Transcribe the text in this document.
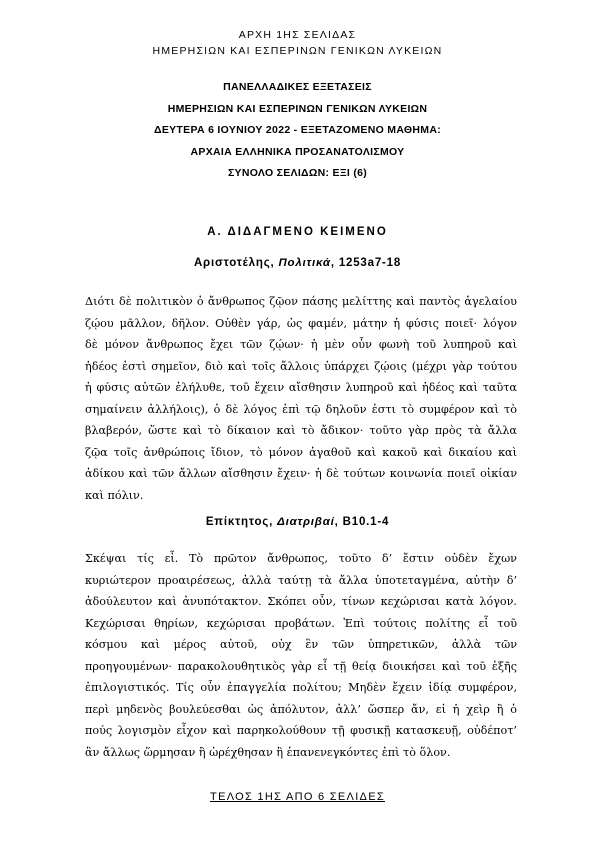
ΑΡΧΗ 1ΗΣ ΣΕΛΙΔΑΣ
ΗΜΕΡΗΣΙΩΝ ΚΑΙ ΕΣΠΕΡΙΝΩΝ ΓΕΝΙΚΩΝ ΛΥΚΕΙΩΝ
ΠΑΝΕΛΛΑΔΙΚΕΣ ΕΞΕΤΑΣΕΙΣ
ΗΜΕΡΗΣΙΩΝ ΚΑΙ ΕΣΠΕΡΙΝΩΝ ΓΕΝΙΚΩΝ ΛΥΚΕΙΩΝ
ΔΕΥΤΕΡΑ 6 ΙΟΥΝΙΟΥ 2022 - ΕΞΕΤΑΖΟΜΕΝΟ ΜΑΘΗΜΑ:
ΑΡΧΑΙΑ ΕΛΛΗΝΙΚΑ ΠΡΟΣΑΝΑΤΟΛΙΣΜΟΥ
ΣΥΝΟΛΟ ΣΕΛΙΔΩΝ: ΕΞΙ (6)
Α. ΔΙΔΑΓΜΕΝΟ ΚΕΙΜΕΝΟ
Αριστοτέλης, Πολιτικά, 1253a7-18
Διότι δὲ πολιτικὸν ὁ ἄνθρωπος ζῷον πάσης μελίττης καὶ παντὸς ἀγελαίου
ζῴου μᾶλλον, δῆλον. Οὐθὲν γάρ, ὡς φαμέν, μάτην ἡ φύσις ποιεῖ· λόγον
δὲ μόνον ἄνθρωπος ἔχει τῶν ζῴων· ἡ μὲν οὖν φωνὴ τοῦ λυπηροῦ καὶ
ἡδέος ἐστὶ σημεῖον, διὸ καὶ τοῖς ἄλλοις ὑπάρχει ζῴοις (μέχρι γὰρ τούτου
ἡ φύσις αὐτῶν ἐλήλυθε, τοῦ ἔχειν αἴσθησιν λυπηροῦ καὶ ἡδέος καὶ ταῦτα
σημαίνειν ἀλλήλοις), ὁ δὲ λόγος ἐπὶ τῷ δηλοῦν ἐστι τὸ συμφέρον καὶ τὸ
βλαβερόν, ὥστε καὶ τὸ δίκαιον καὶ τὸ ἄδικον· τοῦτο γὰρ πρὸς τὰ ἄλλα
ζῷα τοῖς ἀνθρώποις ἴδιον, τὸ μόνον ἀγαθοῦ καὶ κακοῦ καὶ δικαίου καὶ
ἀδίκου καὶ τῶν ἄλλων αἴσθησιν ἔχειν· ἡ δὲ τούτων κοινωνία ποιεῖ οἰκίαν
καὶ πόλιν.
Επίκτητος, Διατριβαί, Β10.1-4
Σκέψαι τίς εἶ. Τὸ πρῶτον ἄνθρωπος, τοῦτο δ’ ἔστιν οὐδὲν ἔχων
κυριώτερον προαιρέσεως, ἀλλὰ ταύτῃ τὰ ἄλλα ὑποτεταγμένα, αὐτὴν δ’
ἀδούλευτον καὶ ἀνυπότακτον. Σκόπει οὖν, τίνων κεχώρισαι κατὰ λόγον.
Κεχώρισαι θηρίων, κεχώρισαι προβάτων. Ἐπὶ τούτοις πολίτης εἶ τοῦ
κόσμου καὶ μέρος αὐτοῦ, οὐχ ἓν τῶν ὑπηρετικῶν, ἀλλὰ τῶν
προηγουμένων· παρακολουθητικὸς γὰρ εἶ τῇ θείᾳ διοικήσει καὶ τοῦ ἑξῆς
ἐπιλογιστικός. Τίς οὖν ἐπαγγελία πολίτου; Μηδὲν ἔχειν ἰδίᾳ συμφέρον,
περὶ μηδενὸς βουλεύεσθαι ὡς ἀπόλυτον, ἀλλ’ ὥσπερ ἄν, εἰ ἡ χεὶρ ἢ ὁ
πούς λογισμὸν εἶχον καὶ παρηκολούθουν τῇ φυσικῇ κατασκευῇ, οὐδέποτ’
ἂν ἄλλως ὥρμησαν ἢ ὠρέχθησαν ἢ ἐπανενεγκόντες ἐπὶ τὸ ὅλον.
ΤΕΛΟΣ 1ΗΣ ΑΠΟ 6 ΣΕΛΙΔΕΣ
